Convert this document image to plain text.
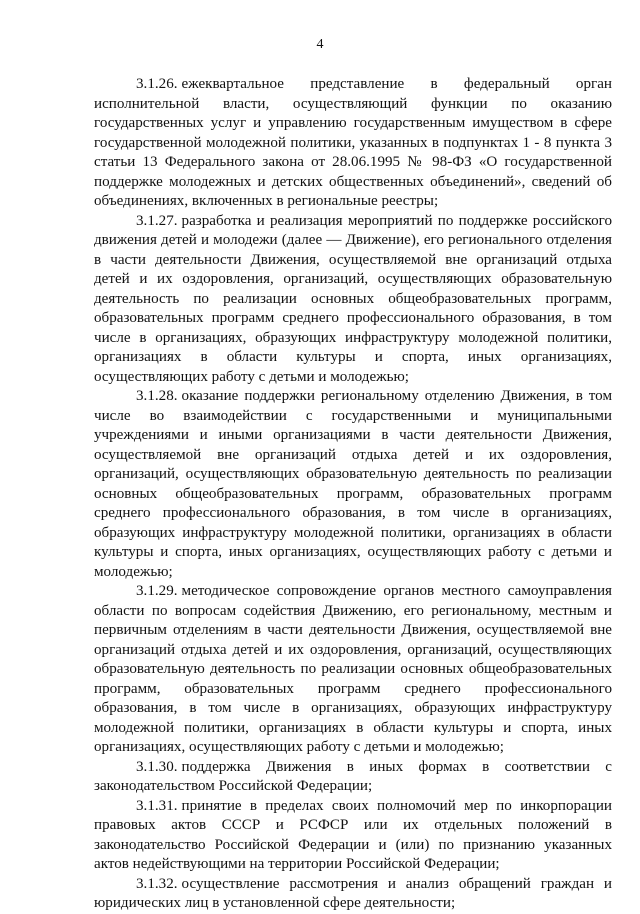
4

3.1.26. ежеквартальное представление в федеральный орган исполнительной власти, осуществляющий функции по оказанию государственных услуг и управлению государственным имуществом в сфере государственной молодежной политики, указанных в подпунктах 1 - 8 пункта 3 статьи 13 Федерального закона от 28.06.1995 № 98-ФЗ «О государственной поддержке молодежных и детских общественных объединений», сведений об объединениях, включенных в региональные реестры;

3.1.27. разработка и реализация мероприятий по поддержке российского движения детей и молодежи (далее — Движение), его регионального отделения в части деятельности Движения, осуществляемой вне организаций отдыха детей и их оздоровления, организаций, осуществляющих образовательную деятельность по реализации основных общеобразовательных программ, образовательных программ среднего профессионального образования, в том числе в организациях, образующих инфраструктуру молодежной политики, организациях в области культуры и спорта, иных организациях, осуществляющих работу с детьми и молодежью;

3.1.28. оказание поддержки региональному отделению Движения, в том числе во взаимодействии с государственными и муниципальными учреждениями и иными организациями в части деятельности Движения, осуществляемой вне организаций отдыха детей и их оздоровления, организаций, осуществляющих образовательную деятельность по реализации основных общеобразовательных программ, образовательных программ среднего профессионального образования, в том числе в организациях, образующих инфраструктуру молодежной политики, организациях в области культуры и спорта, иных организациях, осуществляющих работу с детьми и молодежью;

3.1.29. методическое сопровождение органов местного самоуправления области по вопросам содействия Движению, его региональному, местным и первичным отделениям в части деятельности Движения, осуществляемой вне организаций отдыха детей и их оздоровления, организаций, осуществляющих образовательную деятельность по реализации основных общеобразовательных программ, образовательных программ среднего профессионального образования, в том числе в организациях, образующих инфраструктуру молодежной политики, организациях в области культуры и спорта, иных организациях, осуществляющих работу с детьми и молодежью;

3.1.30. поддержка Движения в иных формах в соответствии с законодательством Российской Федерации;

3.1.31. принятие в пределах своих полномочий мер по инкорпорации правовых актов СССР и РСФСР или их отдельных положений в законодательство Российской Федерации и (или) по признанию указанных актов недействующими на территории Российской Федерации;

3.1.32. осуществление рассмотрения и анализ обращений граждан и юридических лиц в установленной сфере деятельности;
